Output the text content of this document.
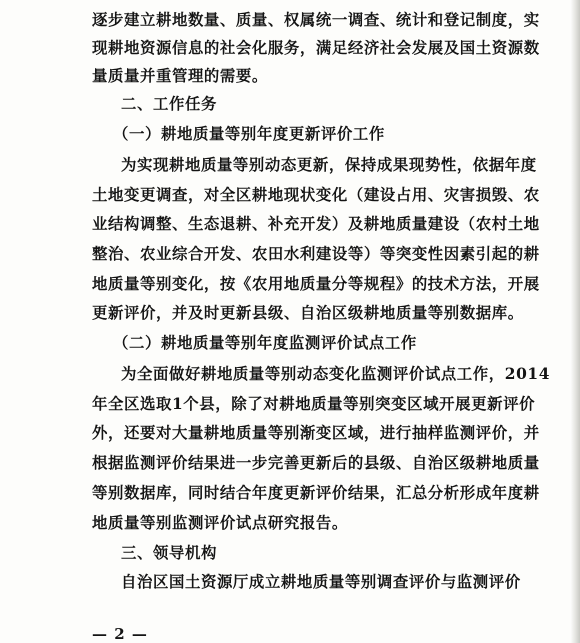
逐步建立耕地数量、质量、权属统一调查、统计和登记制度，实
现耕地资源信息的社会化服务，满足经济社会发展及国土资源数
量质量并重管理的需要。
二、工作任务
（一）耕地质量等别年度更新评价工作
为实现耕地质量等别动态更新，保持成果现势性，依据年度
土地变更调查，对全区耕地现状变化（建设占用、灾害损毁、农
业结构调整、生态退耕、补充开发）及耕地质量建设（农村土地
整治、农业综合开发、农田水利建设等）等突变性因素引起的耕
地质量等别变化，按《农用地质量分等规程》的技术方法，开展
更新评价，并及时更新县级、自治区级耕地质量等别数据库。
（二）耕地质量等别年度监测评价试点工作
为全面做好耕地质量等别动态变化监测评价试点工作，2014
年全区选取1个县，除了对耕地质量等别突变区域开展更新评价
外，还要对大量耕地质量等别渐变区域，进行抽样监测评价，并
根据监测评价结果进一步完善更新后的县级、自治区级耕地质量
等别数据库，同时结合年度更新评价结果，汇总分析形成年度耕
地质量等别监测评价试点研究报告。
三、领导机构
自治区国土资源厅成立耕地质量等别调查评价与监测评价
— 2 —
